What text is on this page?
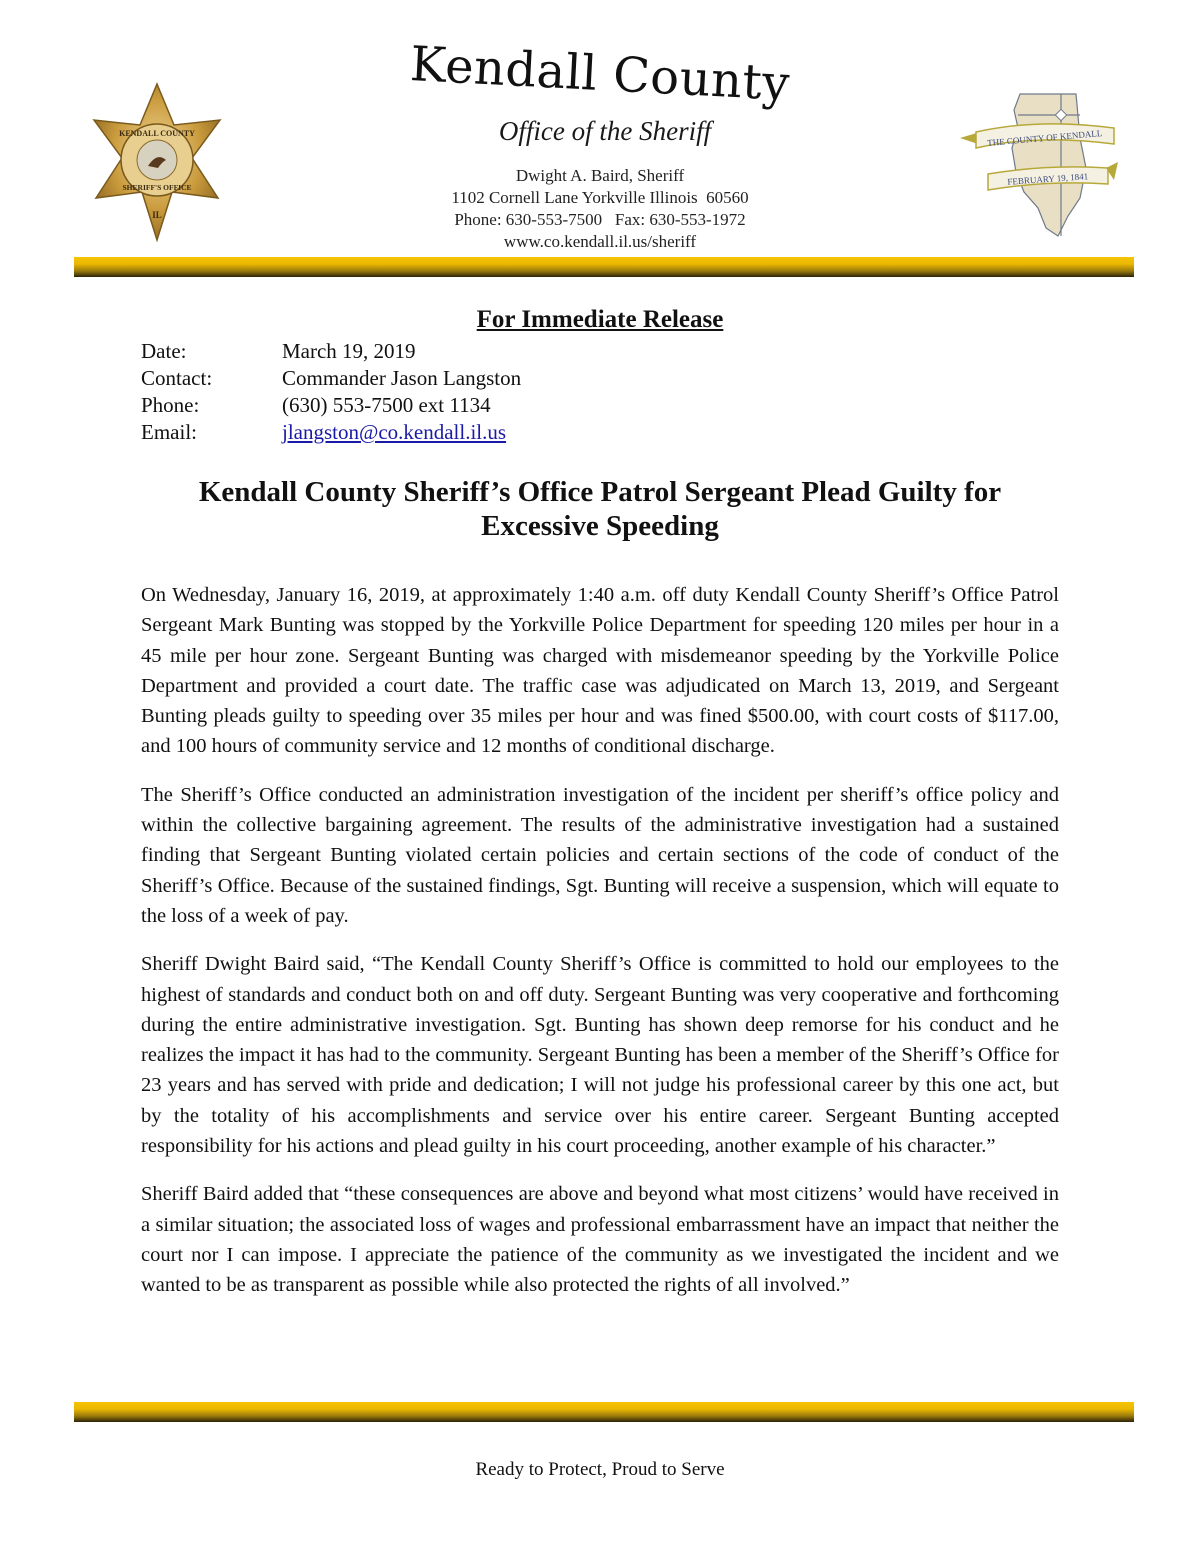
KENDALL COUNTY
SHERIFF'S OFFICE
IL
THE COUNTY OF KENDALL
FEBRUARY 19, 1841
Kendall County
Office of the Sheriff
Dwight A. Baird, Sheriff
1102 Cornell Lane Yorkville Illinois  60560
Phone: 630-553-7500   Fax: 630-553-1972
www.co.kendall.il.us/sheriff
For Immediate Release
Date:	March 19, 2019
Contact:	Commander Jason Langston
Phone:	(630) 553-7500 ext 1134
Email:	jlangston@co.kendall.il.us
Kendall County Sheriff’s Office Patrol Sergeant Plead Guilty for
Excessive Speeding

On Wednesday, January 16, 2019, at approximately 1:40 a.m. off duty Kendall County Sheriff’s Office Patrol Sergeant Mark Bunting was stopped by the Yorkville Police Department for speeding 120 miles per hour in a 45 mile per hour zone. Sergeant Bunting was charged with misdemeanor speeding by the Yorkville Police Department and provided a court date. The traffic case was adjudicated on March 13, 2019, and Sergeant Bunting pleads guilty to speeding over 35 miles per hour and was fined $500.00, with court costs of $117.00, and 100 hours of community service and 12 months of conditional discharge.

The Sheriff’s Office conducted an administration investigation of the incident per sheriff’s office policy and within the collective bargaining agreement. The results of the administrative investigation had a sustained finding that Sergeant Bunting violated certain policies and certain sections of the code of conduct of the Sheriff’s Office. Because of the sustained findings, Sgt. Bunting will receive a suspension, which will equate to the loss of a week of pay.

Sheriff Dwight Baird said, “The Kendall County Sheriff’s Office is committed to hold our employees to the highest of standards and conduct both on and off duty. Sergeant Bunting was very cooperative and forthcoming during the entire administrative investigation. Sgt. Bunting has shown deep remorse for his conduct and he realizes the impact it has had to the community. Sergeant Bunting has been a member of the Sheriff’s Office for 23 years and has served with pride and dedication; I will not judge his professional career by this one act, but by the totality of his accomplishments and service over his entire career. Sergeant Bunting accepted responsibility for his actions and plead guilty in his court proceeding, another example of his character.”

Sheriff Baird added that “these consequences are above and beyond what most citizens’ would have received in a similar situation; the associated loss of wages and professional embarrassment have an impact that neither the court nor I can impose. I appreciate the patience of the community as we investigated the incident and we wanted to be as transparent as possible while also protected the rights of all involved.”

Ready to Protect, Proud to Serve
